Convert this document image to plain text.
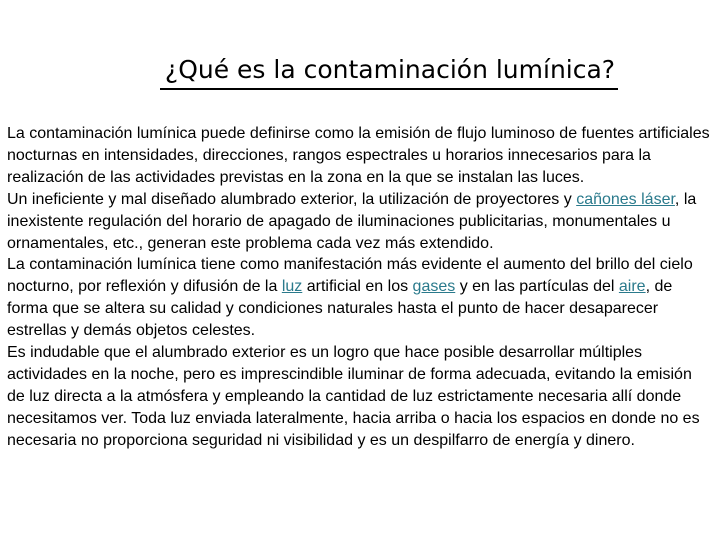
¿Qué es la contaminación lumínica?

La contaminación lumínica puede definirse como la emisión de flujo luminoso de fuentes artificiales nocturnas en intensidades, direcciones, rangos espectrales u horarios innecesarios para la realización de las actividades previstas en la zona en la que se instalan las luces.

Un ineficiente y mal diseñado alumbrado exterior, la utilización de proyectores y cañones láser, la inexistente regulación del horario de apagado de iluminaciones publicitarias, monumentales u ornamentales, etc., generan este problema cada vez más extendido.

La contaminación lumínica tiene como manifestación más evidente el aumento del brillo del cielo nocturno, por reflexión y difusión de la luz artificial en los gases y en las partículas del aire, de forma que se altera su calidad y condiciones naturales hasta el punto de hacer desaparecer estrellas y demás objetos celestes.

Es indudable que el alumbrado exterior es un logro que hace posible desarrollar múltiples actividades en la noche, pero es imprescindible iluminar de forma adecuada, evitando la emisión de luz directa a la atmósfera y empleando la cantidad de luz estrictamente necesaria allí donde necesitamos ver. Toda luz enviada lateralmente, hacia arriba o hacia los espacios en donde no es necesaria no proporciona seguridad ni visibilidad y es un despilfarro de energía y dinero.
